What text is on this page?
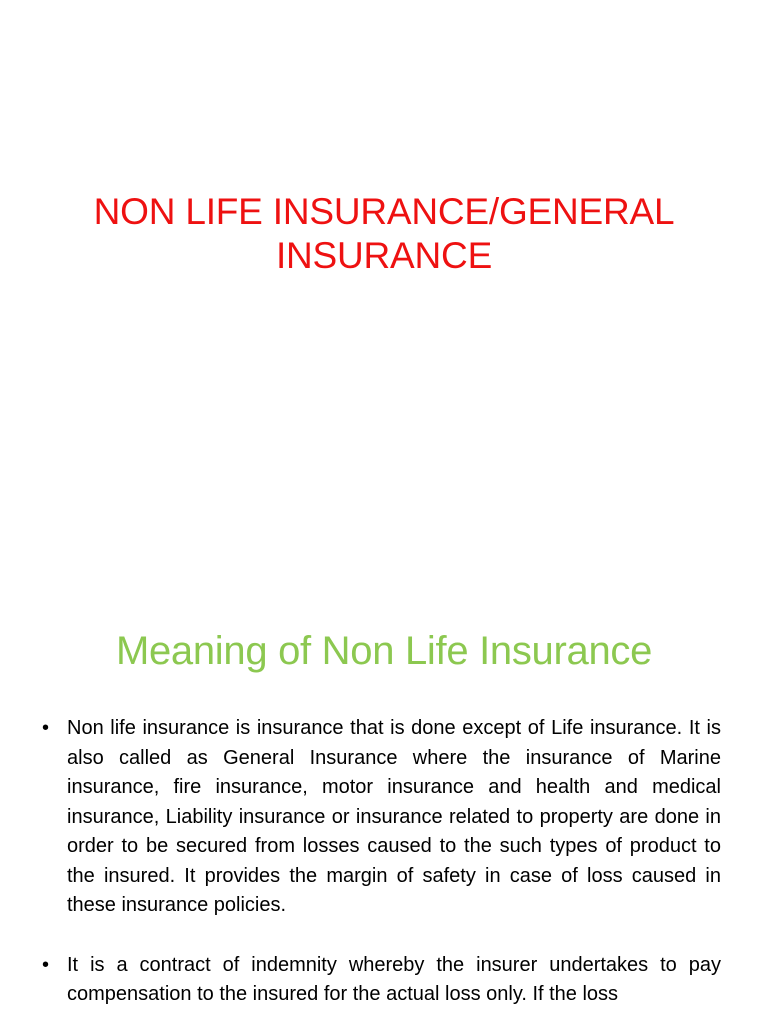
NON LIFE INSURANCE/GENERAL INSURANCE
Meaning of Non Life Insurance
• Non life insurance is insurance that is done except of Life insurance. It is also called as General Insurance where the insurance of Marine insurance, fire insurance, motor insurance and health and medical insurance, Liability insurance or insurance related to property are done in order to be secured from losses caused to the such types of product to the insured. It provides the margin of safety in case of loss caused in these insurance policies.
• It is a contract of indemnity whereby the insurer undertakes to pay compensation to the insured for the actual loss only. If the loss
